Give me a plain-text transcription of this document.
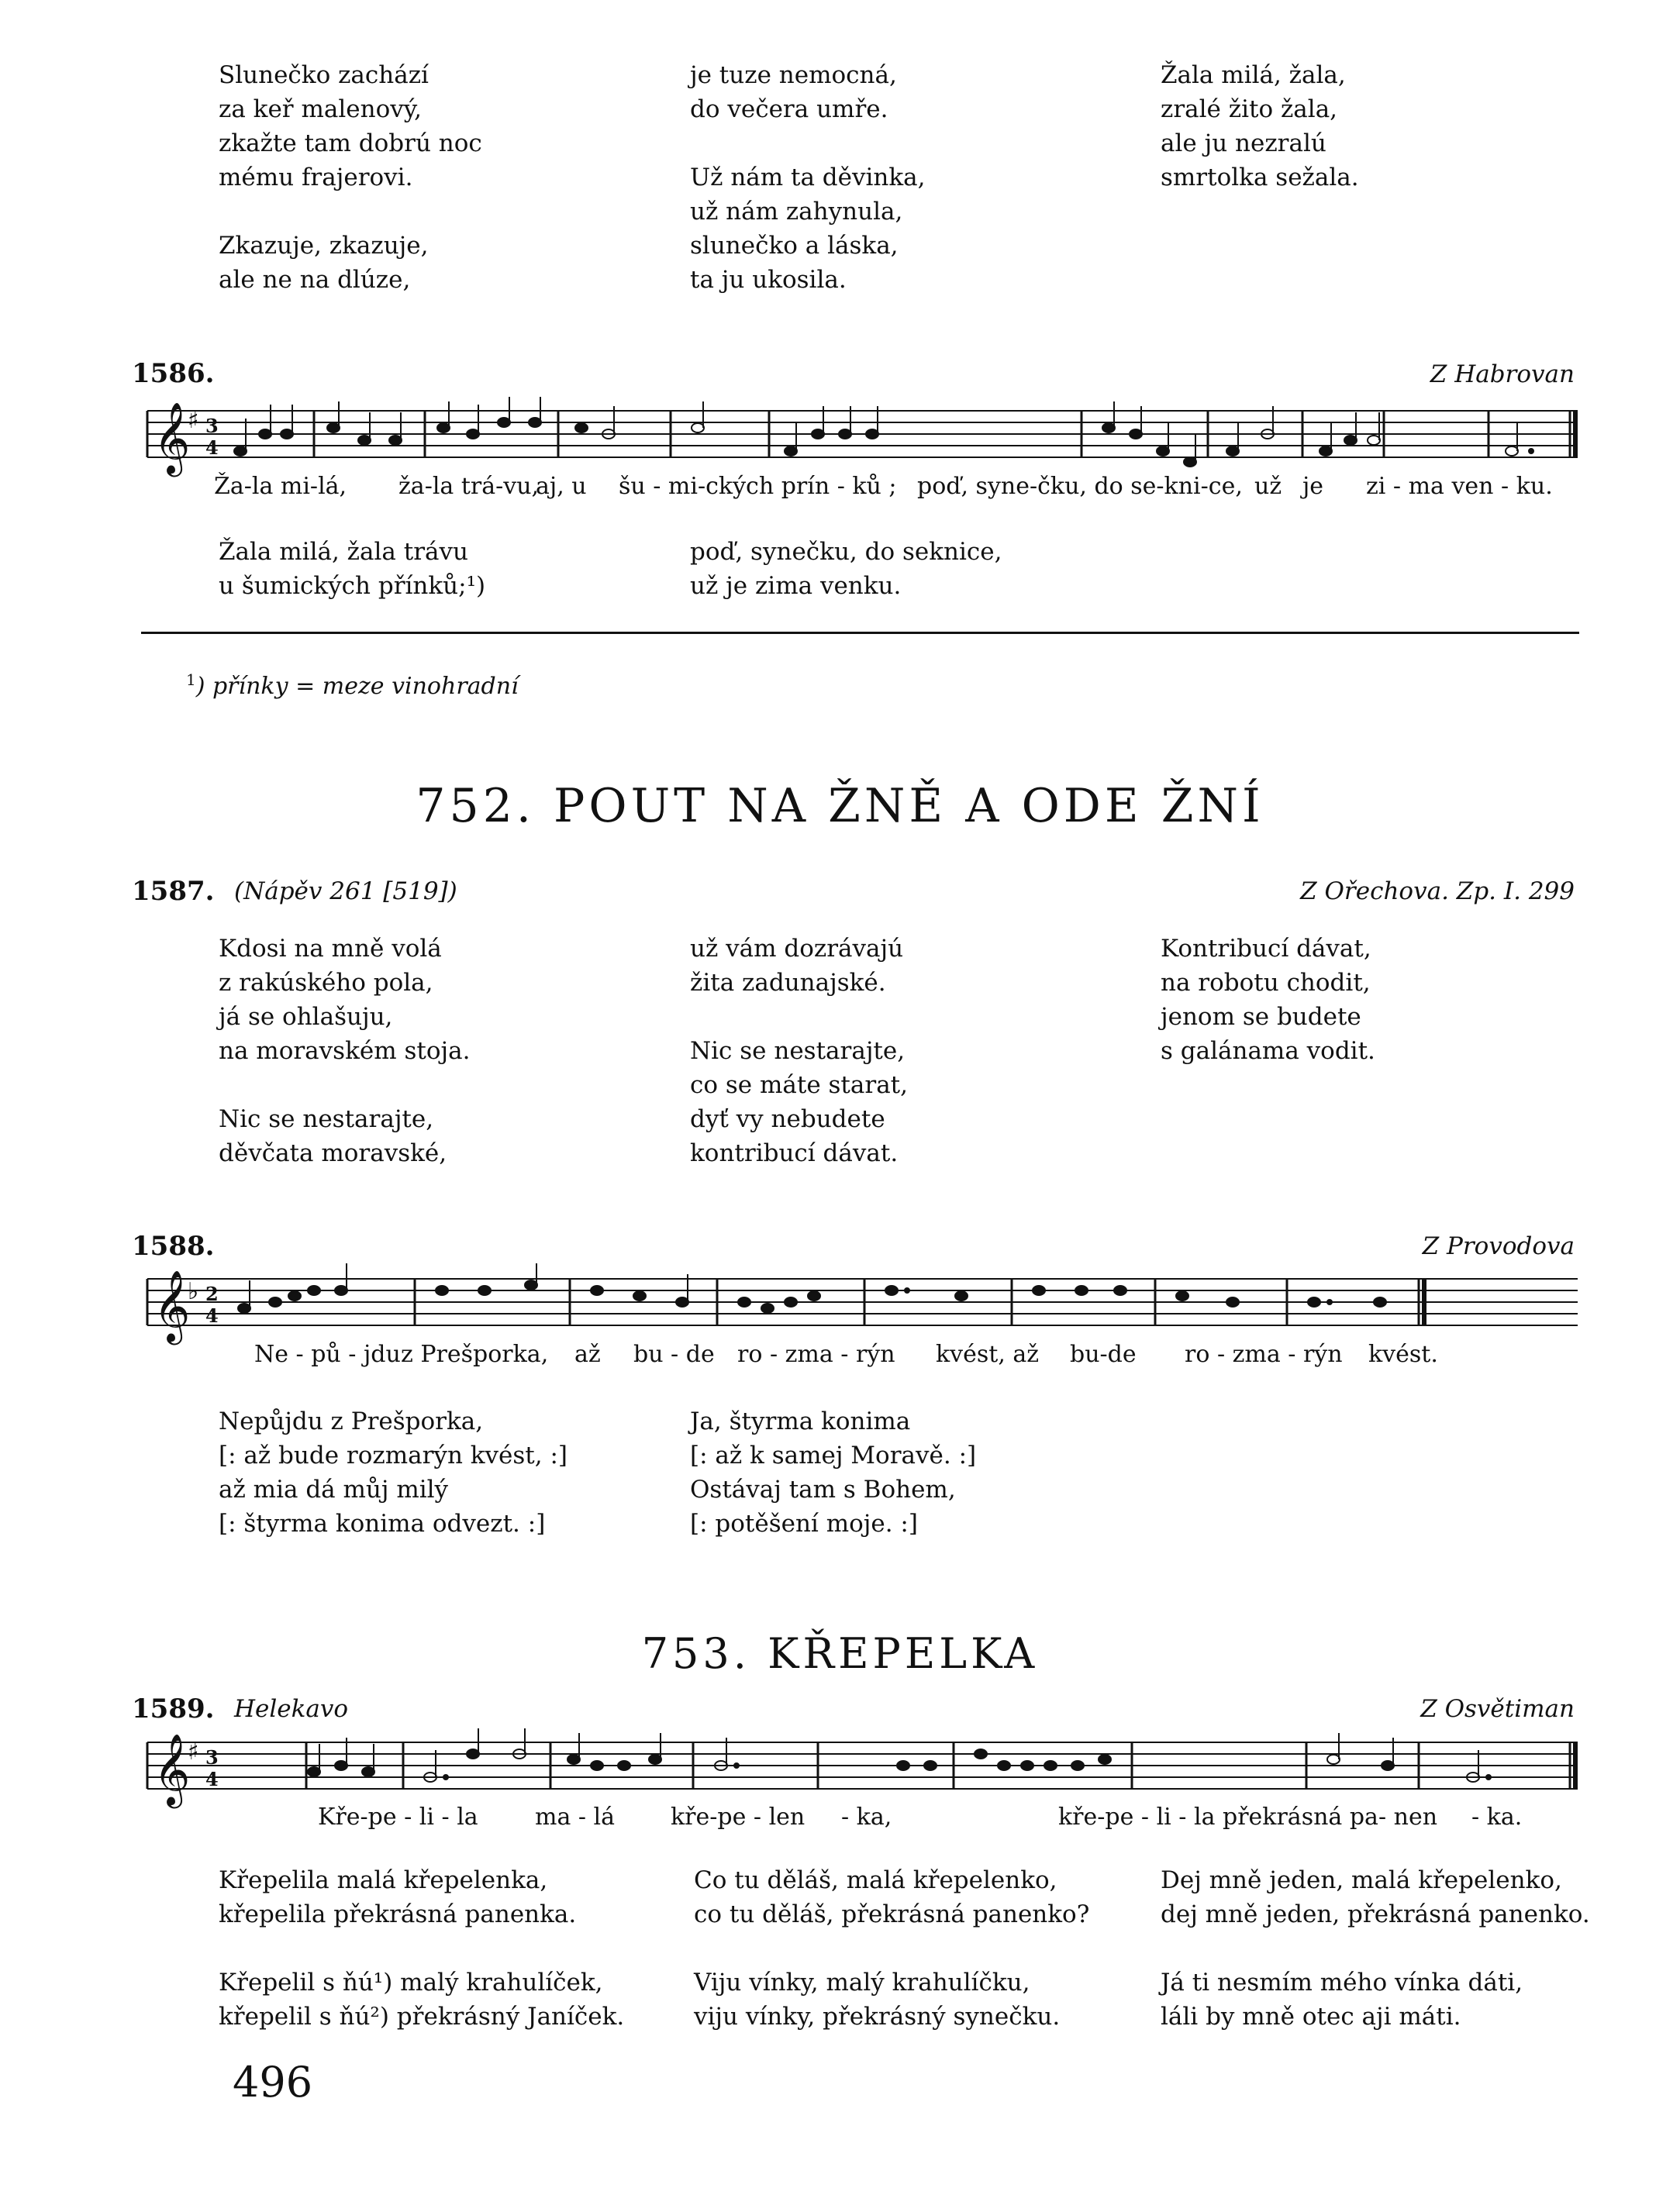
Slunečko zachází
za keř malenový,
zkažte tam dobrú noc
mému frajerovi.

Zkazuje, zkazuje,
ale ne na dlúze,
je tuze nemocná,
do večera umře.

Už nám ta děvinka,
už nám zahynula,
slunečko a láska,
ta ju ukosila.
Žala milá, žala,
zralé žito žala,
ale ju nezralú
smrtolka sežala.
1586.	Z Habrovan
𝄞
♯ 3
4
Ža-la mi-lá, ža-la trá-vu,
aj, u šu - mi-ckých prín - ků ; poď, syne-čku, do se-kni-ce, už je zi - ma ven - ku.
Žala milá, žala trávu
u šumických přínků;¹)
poď, synečku, do seknice,
už je zima venku.
$^1$) přínky = meze vinohradní
752. POUT NA ŽNĚ A ODE ŽNÍ
1587. (Nápěv 261 [519])	Z Ořechova. Zp. I. 299
Kdosi na mně volá
z rakúského pola,
já se ohlašuju,
na moravském stoja.

Nic se nestarajte,
děvčata moravské,
už vám dozrávajú
žita zadunajské.

Nic se nestarajte,
co se máte starat,
dyť vy nebudete
kontribucí dávat.
Kontribucí dávat,
na robotu chodit,
jenom se budete
s galánama vodit.
1588.	Z Provodova
𝄞
♭ 2
4
Ne - pů - jdu z Prešporka, až bu - de ro - zma - rýn kvést, až bu-de ro - zma - rýn kvést.
Nepůjdu z Prešporka,
[: až bude rozmarýn kvést, :]
až mia dá můj milý
[: štyrma konima odvezt. :]
Ja, štyrma konima
[: až k samej Moravě. :]
Ostávaj tam s Bohem,
[: potěšení moje. :]
753. KŘEPELKA
1589. Helekavo	Z Osvětiman
𝄞
♯ 3
4
Kře-pe - li - la ma - lá kře-pe - len - ka,	kře-pe - li - la překrásná pa - nen - ka.
Křepelila malá křepelenka,
křepelila překrásná panenka.

Křepelil s ňú¹) malý krahulíček,
křepelil s ňú²) překrásný Janíček.
Co tu děláš, malá křepelenko,
co tu děláš, překrásná panenko?

Viju vínky, malý krahulíčku,
viju vínky, překrásný synečku.
Dej mně jeden, malá křepelenko,
dej mně jeden, překrásná panenko.

Já ti nesmím mého vínka dáti,
láli by mně otec aji máti.
496
